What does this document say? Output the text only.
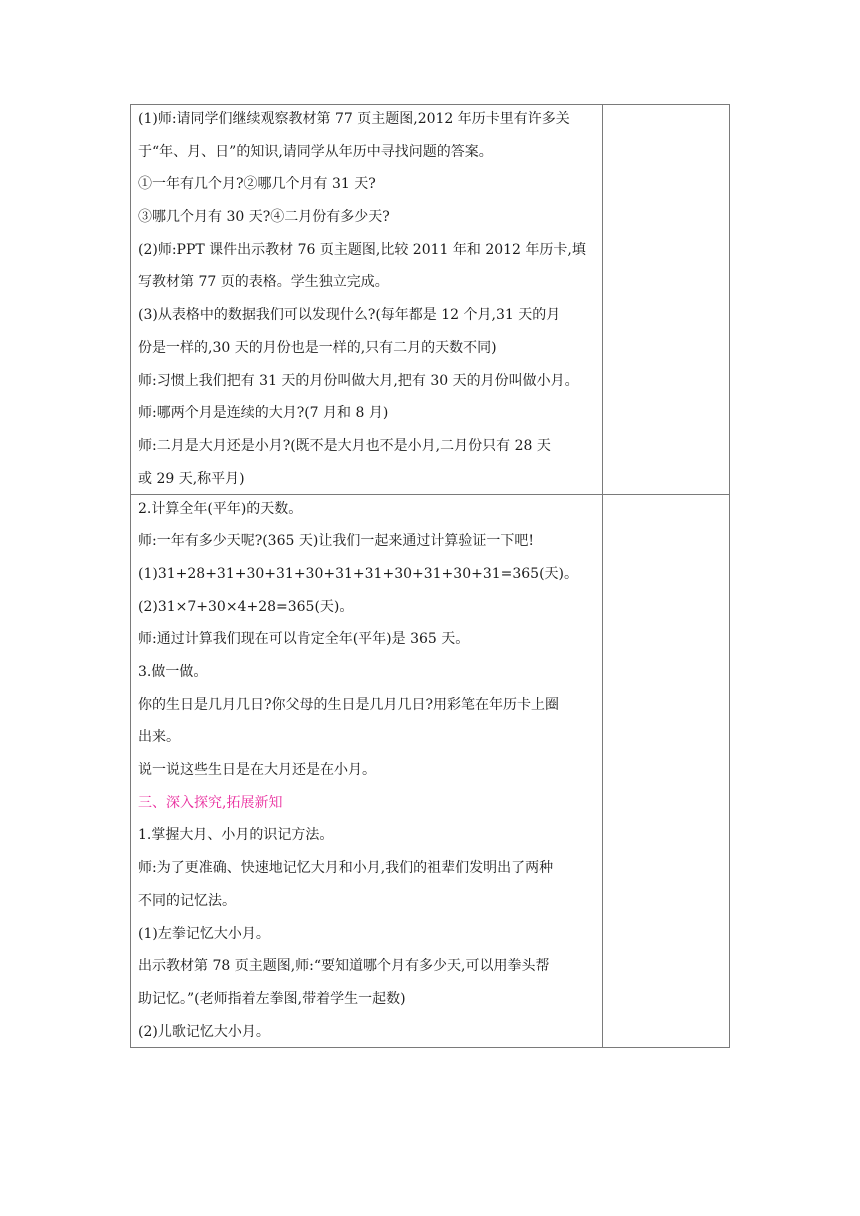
(1)师:请同学们继续观察教材第 77 页主题图,2012 年历卡里有许多关
于“年、月、日”的知识,请同学从年历中寻找问题的答案。
①一年有几个月?②哪几个月有 31 天?
③哪几个月有 30 天?④二月份有多少天?
(2)师:PPT 课件出示教材 76 页主题图,比较 2011 年和 2012 年历卡,填
写教材第 77 页的表格。学生独立完成。
(3)从表格中的数据我们可以发现什么?(每年都是 12 个月,31 天的月
份是一样的,30 天的月份也是一样的,只有二月的天数不同)
师:习惯上我们把有 31 天的月份叫做大月,把有 30 天的月份叫做小月。
师:哪两个月是连续的大月?(7 月和 8 月)
师:二月是大月还是小月?(既不是大月也不是小月,二月份只有 28 天
或 29 天,称平月)
2.计算全年(平年)的天数。
师:一年有多少天呢?(365 天)让我们一起来通过计算验证一下吧!
(1)31+28+31+30+31+30+31+31+30+31+30+31=365(天)。
(2)31×7+30×4+28=365(天)。
师:通过计算我们现在可以肯定全年(平年)是 365 天。
3.做一做。
你的生日是几月几日?你父母的生日是几月几日?用彩笔在年历卡上圈
出来。
说一说这些生日是在大月还是在小月。
三、深入探究,拓展新知
1.掌握大月、小月的识记方法。
师:为了更准确、快速地记忆大月和小月,我们的祖辈们发明出了两种
不同的记忆法。
(1)左拳记忆大小月。
出示教材第 78 页主题图,师:“要知道哪个月有多少天,可以用拳头帮
助记忆。”(老师指着左拳图,带着学生一起数)
(2)儿歌记忆大小月。
